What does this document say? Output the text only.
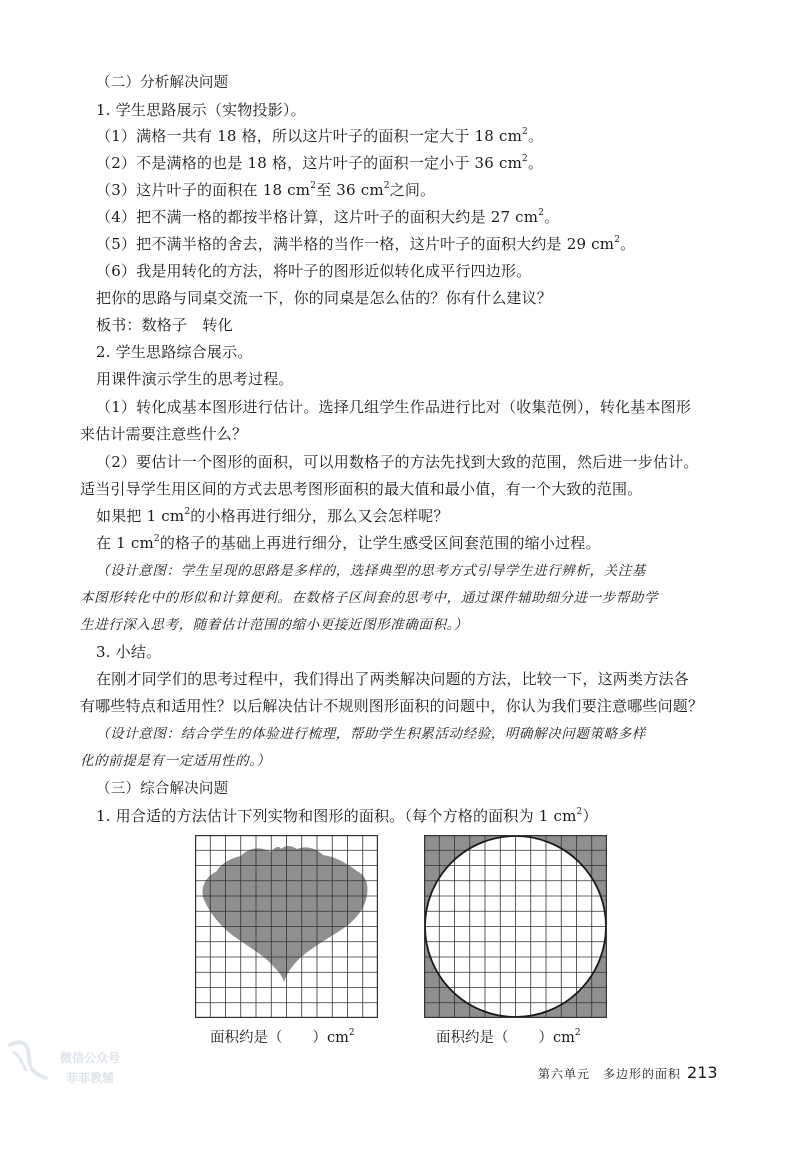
（二）分析解决问题
1. 学生思路展示（实物投影）。
（1）满格一共有 18 格，所以这片叶子的面积一定大于 18 $cm^2$。
（2）不是满格的也是 18 格，这片叶子的面积一定小于 36 $cm^2$。
（3）这片叶子的面积在 18 $cm^2$至 36 $cm^2$之间。
（4）把不满一格的都按半格计算，这片叶子的面积大约是 27 $cm^2$。
（5）把不满半格的舍去，满半格的当作一格，这片叶子的面积大约是 29 $cm^2$。
（6）我是用转化的方法，将叶子的图形近似转化成平行四边形。
把你的思路与同桌交流一下，你的同桌是怎么估的？你有什么建议？
板书：数格子　转化
2. 学生思路综合展示。
用课件演示学生的思考过程。
（1）转化成基本图形进行估计。选择几组学生作品进行比对（收集范例），转化基本图形
来估计需要注意些什么？
（2）要估计一个图形的面积，可以用数格子的方法先找到大致的范围，然后进一步估计。
适当引导学生用区间的方式去思考图形面积的最大值和最小值，有一个大致的范围。
如果把 1 $cm^2$的小格再进行细分，那么又会怎样呢？
在 1 $cm^2$的格子的基础上再进行细分，让学生感受区间套范围的缩小过程。
（设计意图：学生呈现的思路是多样的，选择典型的思考方式引导学生进行辨析，关注基
本图形转化中的形似和计算便利。在数格子区间套的思考中，通过课件辅助细分进一步帮助学
生进行深入思考，随着估计范围的缩小更接近图形准确面积。）
3. 小结。
在刚才同学们的思考过程中，我们得出了两类解决问题的方法，比较一下，这两类方法各
有哪些特点和适用性？以后解决估计不规则图形面积的问题中，你认为我们要注意哪些问题？
（设计意图：结合学生的体验进行梳理，帮助学生积累活动经验，明确解决问题策略多样
化的前提是有一定适用性的。）
（三）综合解决问题
1. 用合适的方法估计下列实物和图形的面积。（每个方格的面积为 1 $cm^2$）
面积约是（ ）$cm^2$	面积约是（ ）$cm^2$
微信公众号
菲菲教辅	第六单元　多边形的面积 213
